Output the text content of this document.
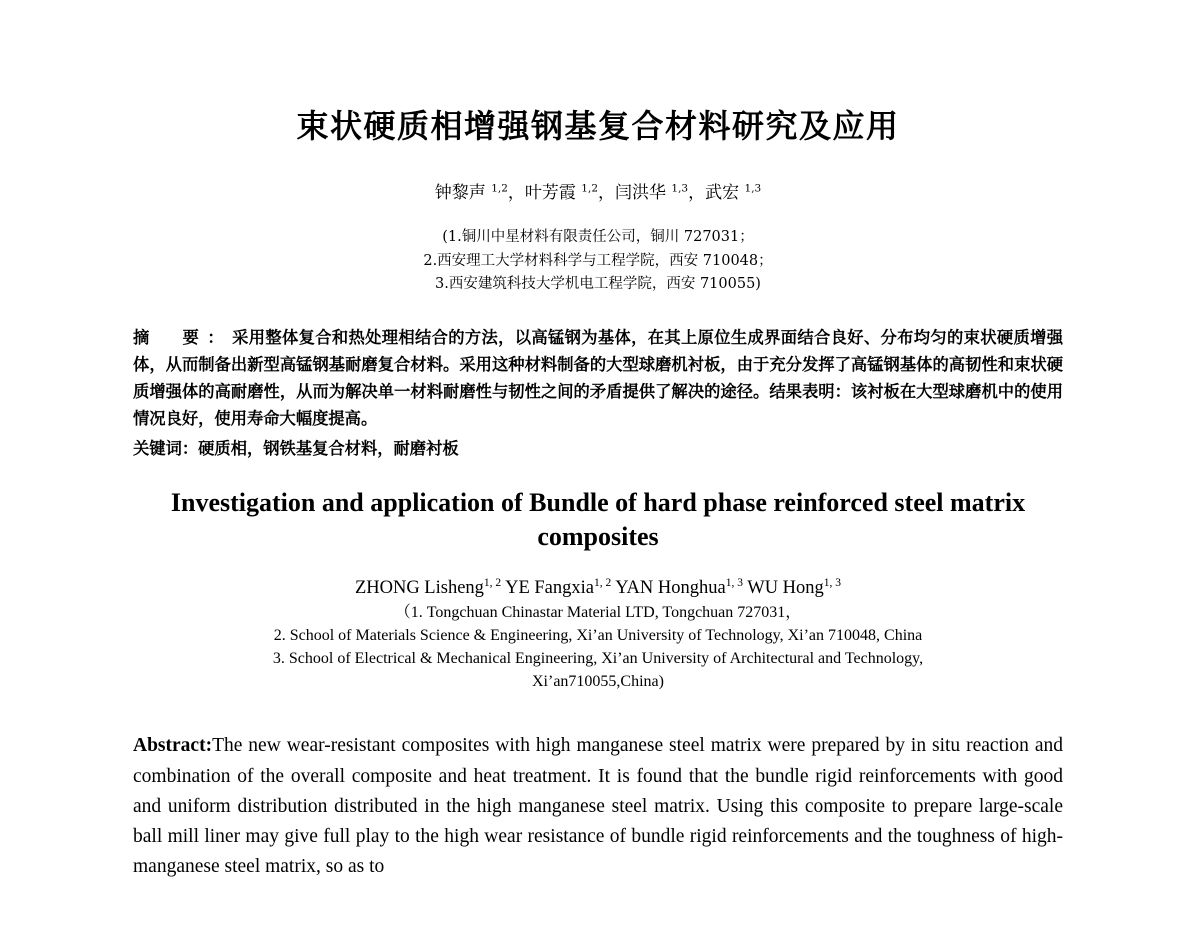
束状硬质相增强钢基复合材料研究及应用
钟黎声 $^{1,2}$，叶芳霞 $^{1,2}$，闫洪华 $^{1,3}$，武宏 $^{1,3}$
(1.铜川中星材料有限责任公司，铜川 727031；
2.西安理工大学材料科学与工程学院，西安 710048；
3.西安建筑科技大学机电工程学院，西安 710055)
摘　要：采用整体复合和热处理相结合的方法，以高锰钢为基体，在其上原位生成界面结合良好、分布均匀的束状硬质增强体，从而制备出新型高锰钢基耐磨复合材料。采用这种材料制备的大型球磨机衬板，由于充分发挥了高锰钢基体的高韧性和束状硬质增强体的高耐磨性，从而为解决单一材料耐磨性与韧性之间的矛盾提供了解决的途径。结果表明：该衬板在大型球磨机中的使用情况良好，使用寿命大幅度提高。
关键词：硬质相，钢铁基复合材料，耐磨衬板
Investigation and application of Bundle of hard phase reinforced steel matrix composites
ZHONG Lisheng$^{1, 2}$ YE Fangxia$^{1, 2}$ YAN Honghua$^{1, 3}$ WU Hong$^{1, 3}$
（1. Tongchuan Chinastar Material LTD, Tongchuan 727031，
2. School of Materials Science & Engineering, Xi’an University of Technology, Xi’an 710048, China
3. School of Electrical & Mechanical Engineering, Xi’an University of Architectural and Technology,
Xi’an710055,China)
Abstract:The new wear-resistant composites with high manganese steel matrix were prepared by in situ reaction and combination of the overall composite and heat treatment. It is found that the bundle rigid reinforcements with good and uniform distribution distributed in the high manganese steel matrix. Using this composite to prepare large-scale ball mill liner may give full play to the high wear resistance of bundle rigid reinforcements and the toughness of high-manganese steel matrix, so as to
